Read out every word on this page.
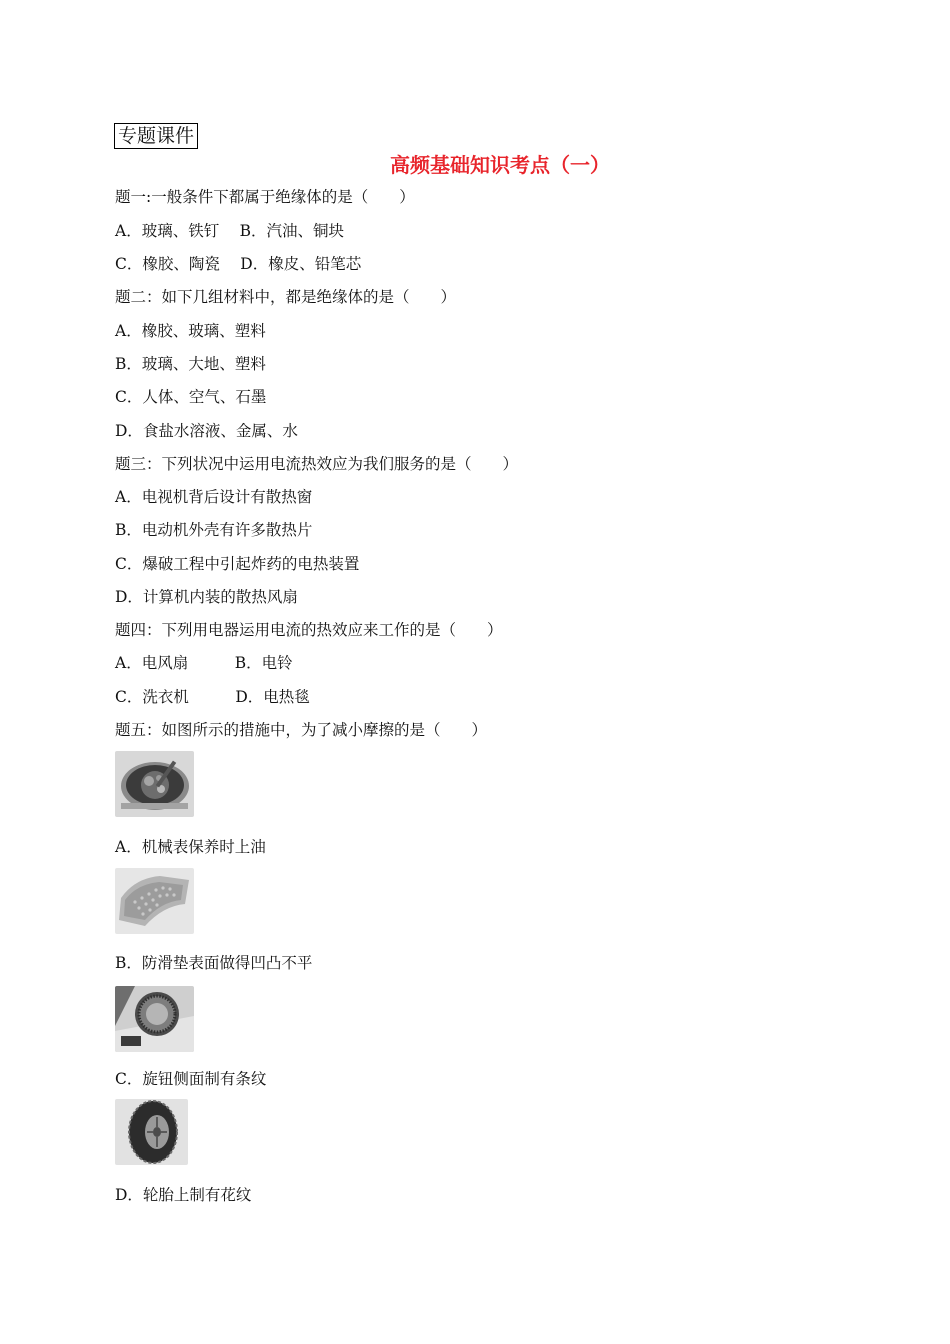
专题课件
高频基础知识考点（一）
题一:一般条件下都属于绝缘体的是（　　）
A．玻璃、铁钉　 B．汽油、铜块
C．橡胶、陶瓷　 D．橡皮、铅笔芯
题二：如下几组材料中，都是绝缘体的是（　　）
A．橡胶、玻璃、塑料
B．玻璃、大地、塑料
C．人体、空气、石墨
D．食盐水溶液、金属、水
题三：下列状况中运用电流热效应为我们服务的是（　　）
A．电视机背后设计有散热窗
B．电动机外壳有许多散热片
C．爆破工程中引起炸药的电热装置
D．计算机内装的散热风扇
题四：下列用电器运用电流的热效应来工作的是（　　）
A．电风扇　　　B．电铃
C．洗衣机　　　D．电热毯
题五：如图所示的措施中，为了减小摩擦的是（　　）
A．机械表保养时上油
B．防滑垫表面做得凹凸不平
C．旋钮侧面制有条纹
D．轮胎上制有花纹
